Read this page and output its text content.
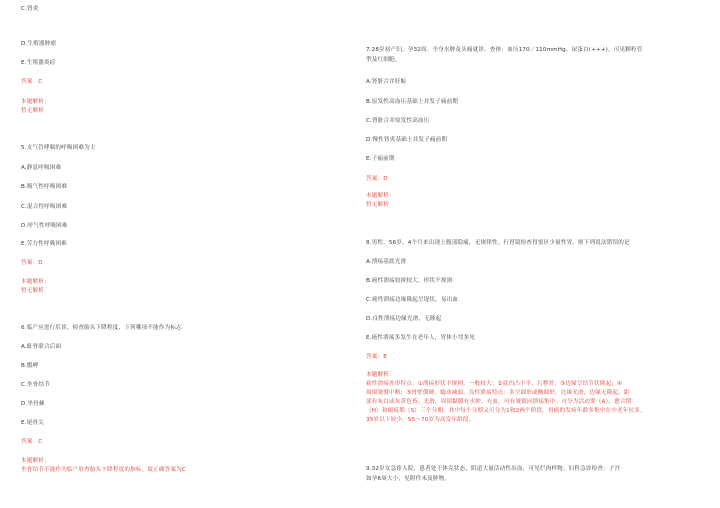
C.肾炎
D.生殖器肿瘤
E.生殖器炎症
答案：C
本题解析：
暂无解析
5.支气管哮喘的呼吸困难为主
A.静息呼吸困难
B.吸气性呼吸困难
C.混合性呼吸困难
D.呼气性呼吸困难
E.劳力性呼吸困难
答案：D
本题解析：
暂无解析
6.临产应进行肛诊，检查胎头下降程度，下列哪项不能作为标志
A.耻骨联合后面
B.骶岬
C.坐骨结节
D.坐骨棘
E.尾骨尖
答案：C
本题解析：
坐骨结节不能作为临产肛查胎头下降程度的指标。故正确答案为C
7.28岁初产妇，孕32周。全身水肿及头痛就诊。查体：血压170／110mmHg，尿蛋白(+++)，可见颗粒管
型及红细胞。
A.肾脏合并妊娠
B.原发性高血压基础上并发子痫前期
C.肾脏合并原发性高血压
D.慢性肾炎基础上并发子痫前期
E.子痫前期
答案：D
本题解析：
暂无解析
8.男性，56岁。4个月来出现上腹部隐痛，无规律性。行胃镜检查胃窦区少量性胃。则下列说法错误的是
A.溃疡基底光滑
B.癌性溃疡较拼较大，形状不规则
C.癌性溃疡边缘隆起呈堤状，易出血
D.良性溃疡边缘光滑，无隆起
E.癌性溃疡多发生在老年人，胃体小弯多见
答案：E
本题解析：
癌性溃疡外形特点：①溃疡形状不规则，一般较大；②底凹凸不平、污秽苔；③边缘呈结节状隆起；④
周围皱襞中断；⑤胃壁僵硬、蠕动减弱。良性溃疡特点：多呈圆形或椭圆形，边缘光滑，边缘无隆起，距
部有灰白或灰黄色苔、光滑，周围黏膜有水肿、充血，可有皱襞向溃疡集中。可分为活动期（A）、愈合期
（H）和瘢痕期（S）三个分期，其中每个分期又可分为1和2两个阶段。胃癌的发病年龄多集中在中老年居多。
35岁以下较少。55～70岁为高发年龄段。
9.32岁女急诊入院，患者处于休克状态，阴道大量活动性出血，可见烂肉样物。妇科急诊检查：子宫
如孕6周大小，见附件未及肿物。
